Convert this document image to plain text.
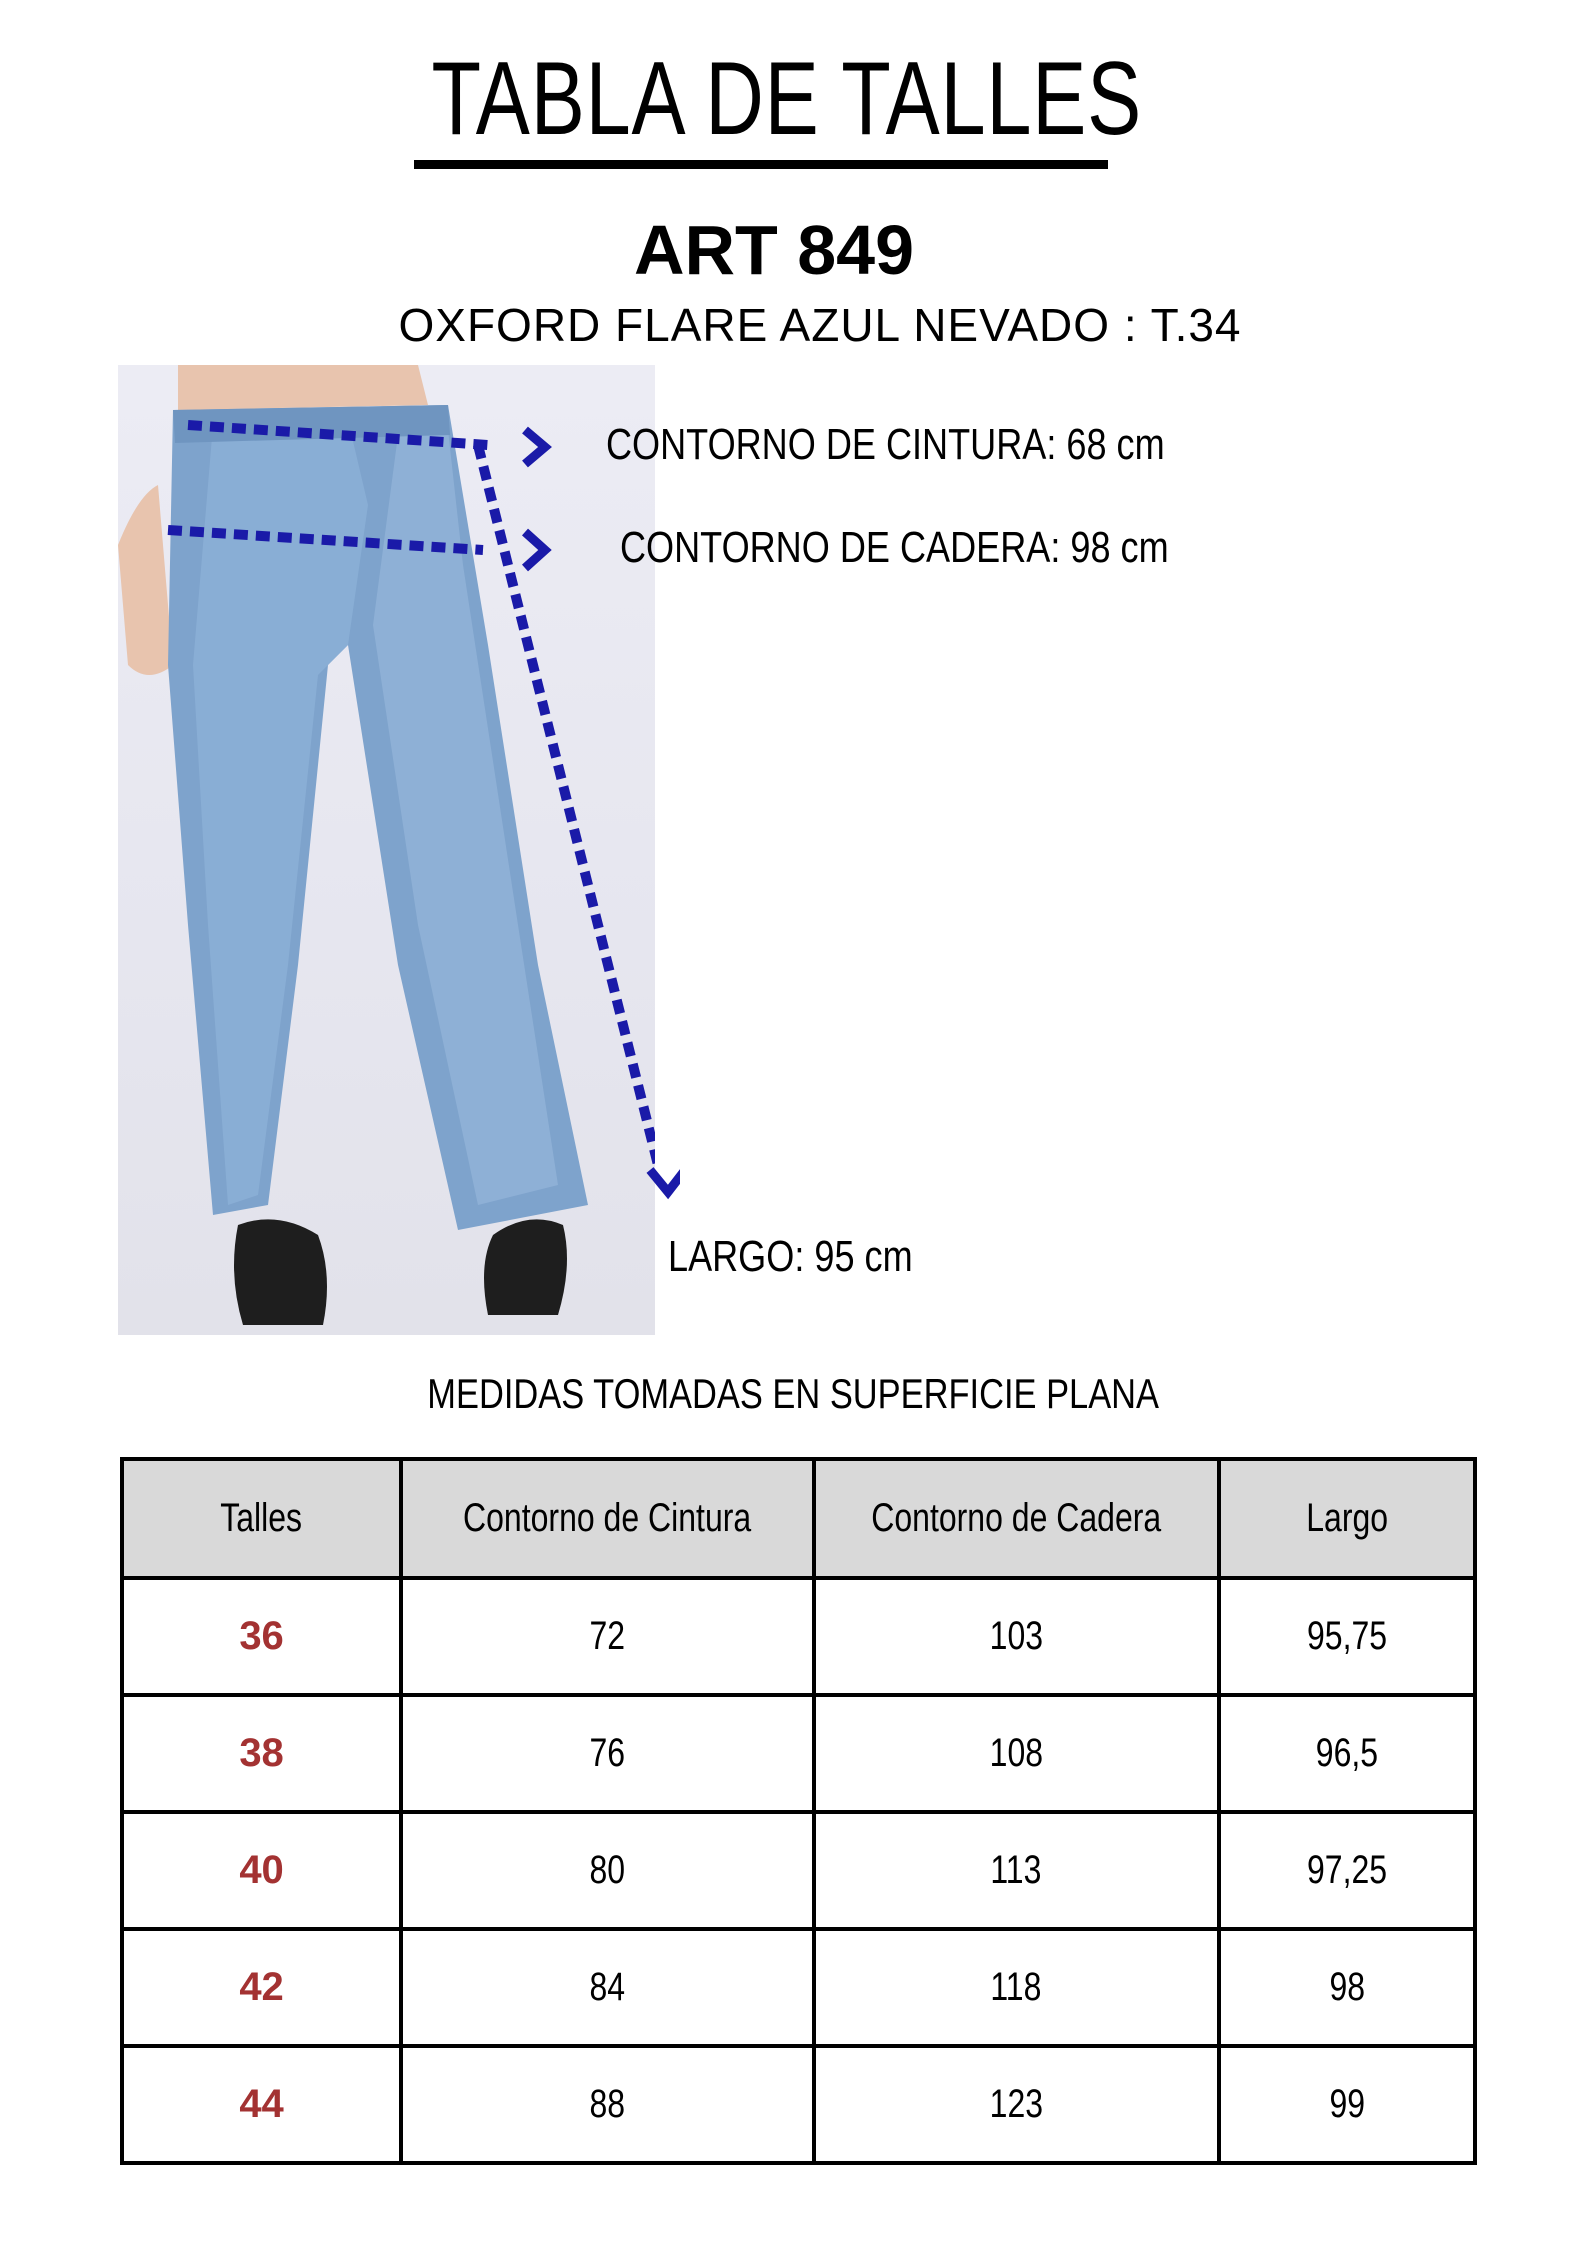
TABLA DE TALLES
ART 849
OXFORD FLARE AZUL NEVADO : T.34
CONTORNO DE CINTURA: 68 cm
CONTORNO DE CADERA: 98 cm
LARGO: 95 cm
MEDIDAS TOMADAS EN SUPERFICIE PLANA
Talles	Contorno de Cintura	Contorno de Cadera	Largo
36	72	103	95,75
38	76	108	96,5
40	80	113	97,25
42	84	118	98
44	88	123	99
